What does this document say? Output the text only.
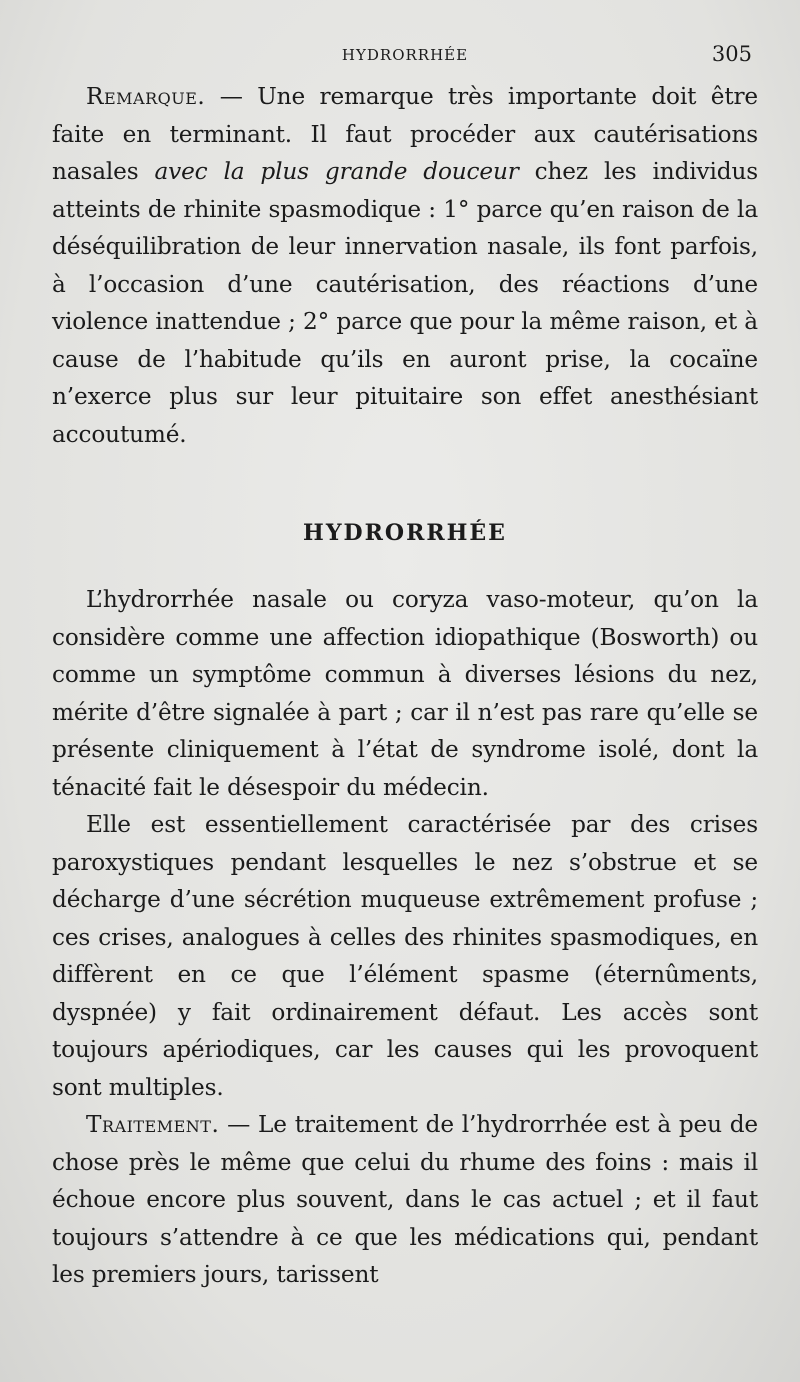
HYDRORRHÉE	305

Remarque. — Une remarque très importante doit être faite en terminant. Il faut procéder aux cautérisations nasales avec la plus grande douceur chez les individus atteints de rhinite spasmodique : 1° parce qu’en raison de la déséquilibration de leur innervation nasale, ils font parfois, à l’occasion d’une cautérisation, des réactions d’une violence inattendue ; 2° parce que pour la même raison, et à cause de l’habitude qu’ils en auront prise, la cocaïne n’exerce plus sur leur pituitaire son effet anesthésiant accoutumé.

HYDRORRHÉE

L’hydrorrhée nasale ou coryza vaso-moteur, qu’on la considère comme une affection idiopathique (Bosworth) ou comme un symptôme commun à diverses lésions du nez, mérite d’être signalée à part ; car il n’est pas rare qu’elle se présente cliniquement à l’état de syndrome isolé, dont la ténacité fait le désespoir du médecin.

Elle est essentiellement caractérisée par des crises paroxystiques pendant lesquelles le nez s’obstrue et se décharge d’une sécrétion muqueuse extrêmement profuse ; ces crises, analogues à celles des rhinites spasmodiques, en diffèrent en ce que l’élément spasme (éternûments, dyspnée) y fait ordinairement défaut. Les accès sont toujours apériodiques, car les causes qui les provoquent sont multiples.

Traitement. — Le traitement de l’hydrorrhée est à peu de chose près le même que celui du rhume des foins : mais il échoue encore plus souvent, dans le cas actuel ; et il faut toujours s’attendre à ce que les médications qui, pendant les premiers jours, tarissent
